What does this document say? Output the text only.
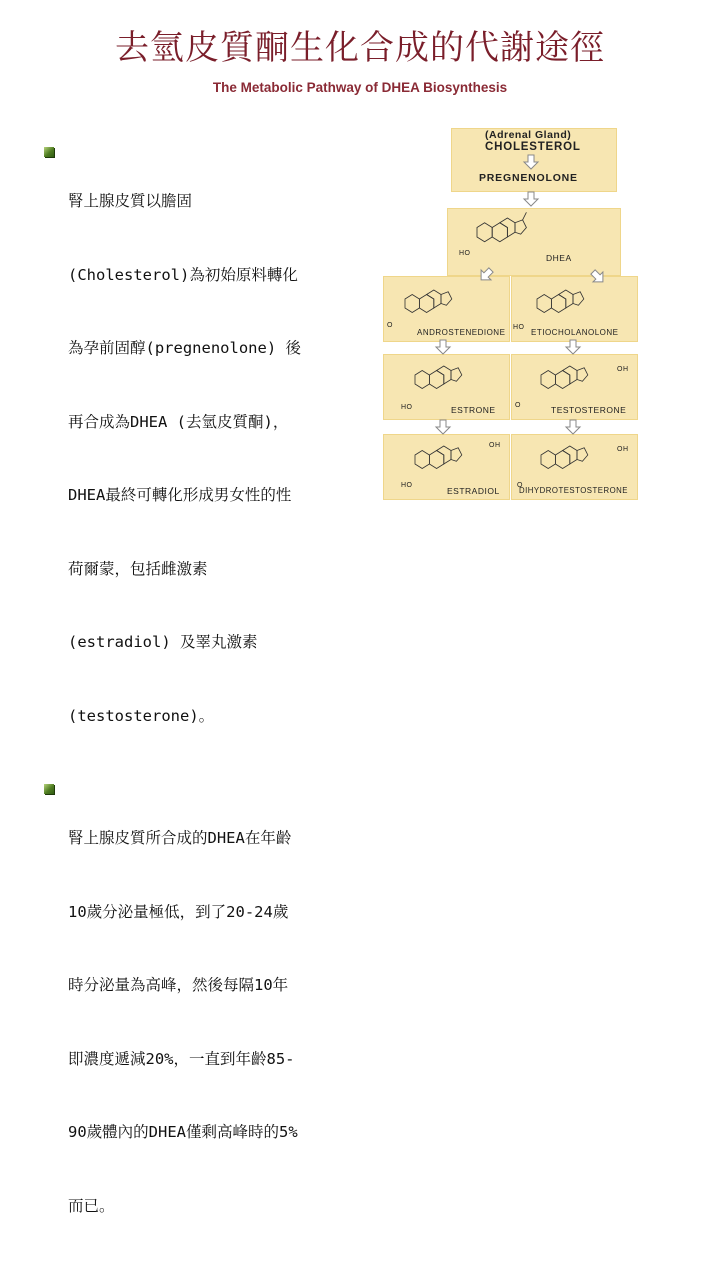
去氫皮質酮生化合成的代謝途徑
The Metabolic Pathway of DHEA Biosynthesis

腎上腺皮質以膽固

(Cholesterol)為初始原料轉化

為孕前固醇(pregnenolone) 後

再合成為DHEA (去氫皮質酮)，

DHEA最終可轉化形成男女性的性

荷爾蒙，包括雌激素

(estradiol) 及睪丸激素

(testosterone)。

腎上腺皮質所合成的DHEA在年齡

10歲分泌量極低，到了20-24歲

時分泌量為高峰，然後每隔10年

即濃度遞減20%，一直到年齡85-

90歲體內的DHEA僅剩高峰時的5%

而已。

(Adrenal Gland)
CHOLESTEROL
PREGNENOLONE
DHEA
ANDROSTENEDIONE	ETIOCHOLANOLONE
ESTRONE	TESTOSTERONE
ESTRADIOL DIHYDROTESTOSTERONE
HO
HO
HO
HO
O
O
O
OH
OH
OH
